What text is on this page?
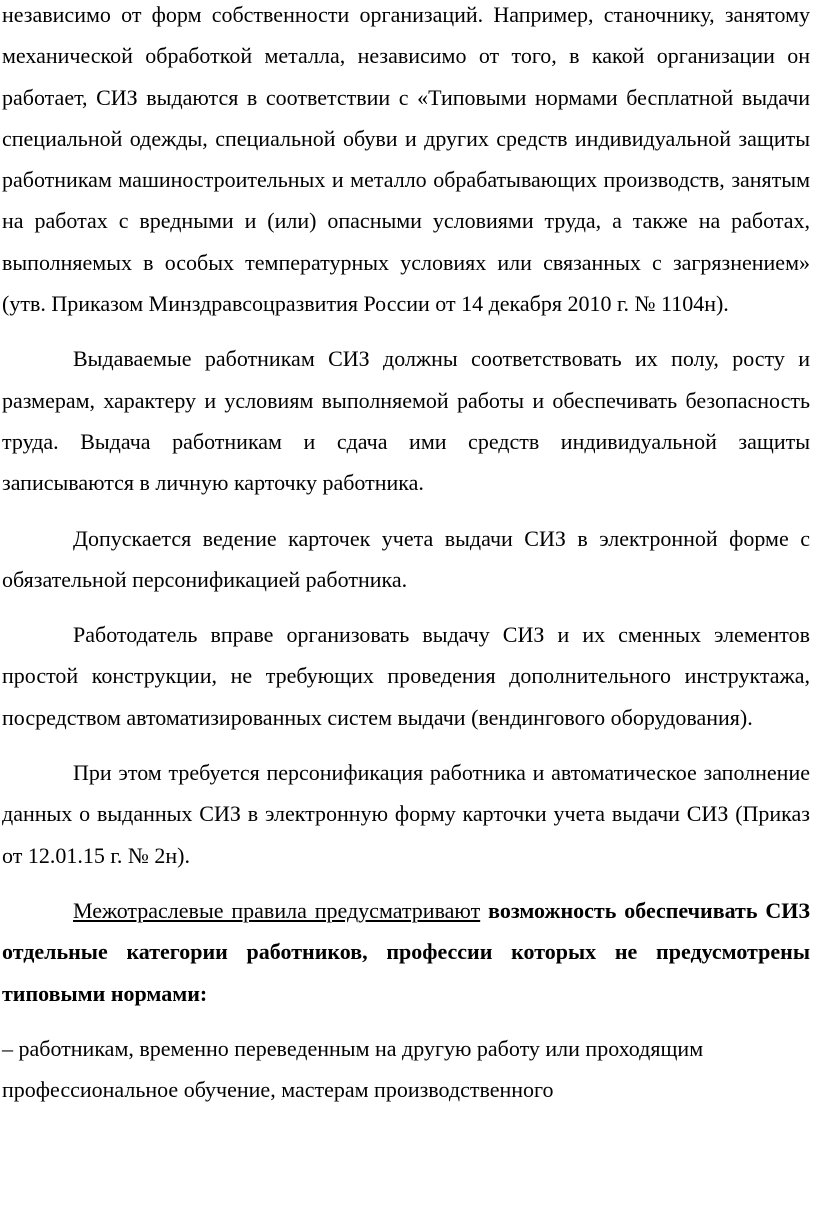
независимо от форм собственности организаций. Например, станочнику, занятому механической обработкой металла, независимо от того, в какой организации он работает, СИЗ выдаются в соответствии с «Типовыми нормами бесплатной выдачи специальной одежды, специальной обуви и других средств индивидуальной защиты работникам машиностроительных и металло обрабатывающих производств, занятым на работах с вредными и (или) опасными условиями труда, а также на работах, выполняемых в особых температурных условиях или связанных с загрязнением» (утв. Приказом Минздравсоцразвития России от 14 декабря 2010 г. № 1104н).

Выдаваемые работникам СИЗ должны соответствовать их полу, росту и размерам, характеру и условиям выполняемой работы и обеспечивать безопасность труда. Выдача работникам и сдача ими средств индивидуальной защиты записываются в личную карточку работника.

Допускается ведение карточек учета выдачи СИЗ в электронной форме с обязательной персонификацией работника.

Работодатель вправе организовать выдачу СИЗ и их сменных элементов простой конструкции, не требующих проведения дополнительного инструктажа, посредством автоматизированных систем выдачи (вендингового оборудования).

При этом требуется персонификация работника и автоматическое заполнение данных о выданных СИЗ в электронную форму карточки учета выдачи СИЗ (Приказ от 12.01.15 г. № 2н).

Межотраслевые правила предусматривают возможность обеспечивать СИЗ отдельные категории работников, профессии которых не предусмотрены типовыми нормами:

– работникам, временно переведенным на другую работу или проходящим профессиональное обучение, мастерам производственного
